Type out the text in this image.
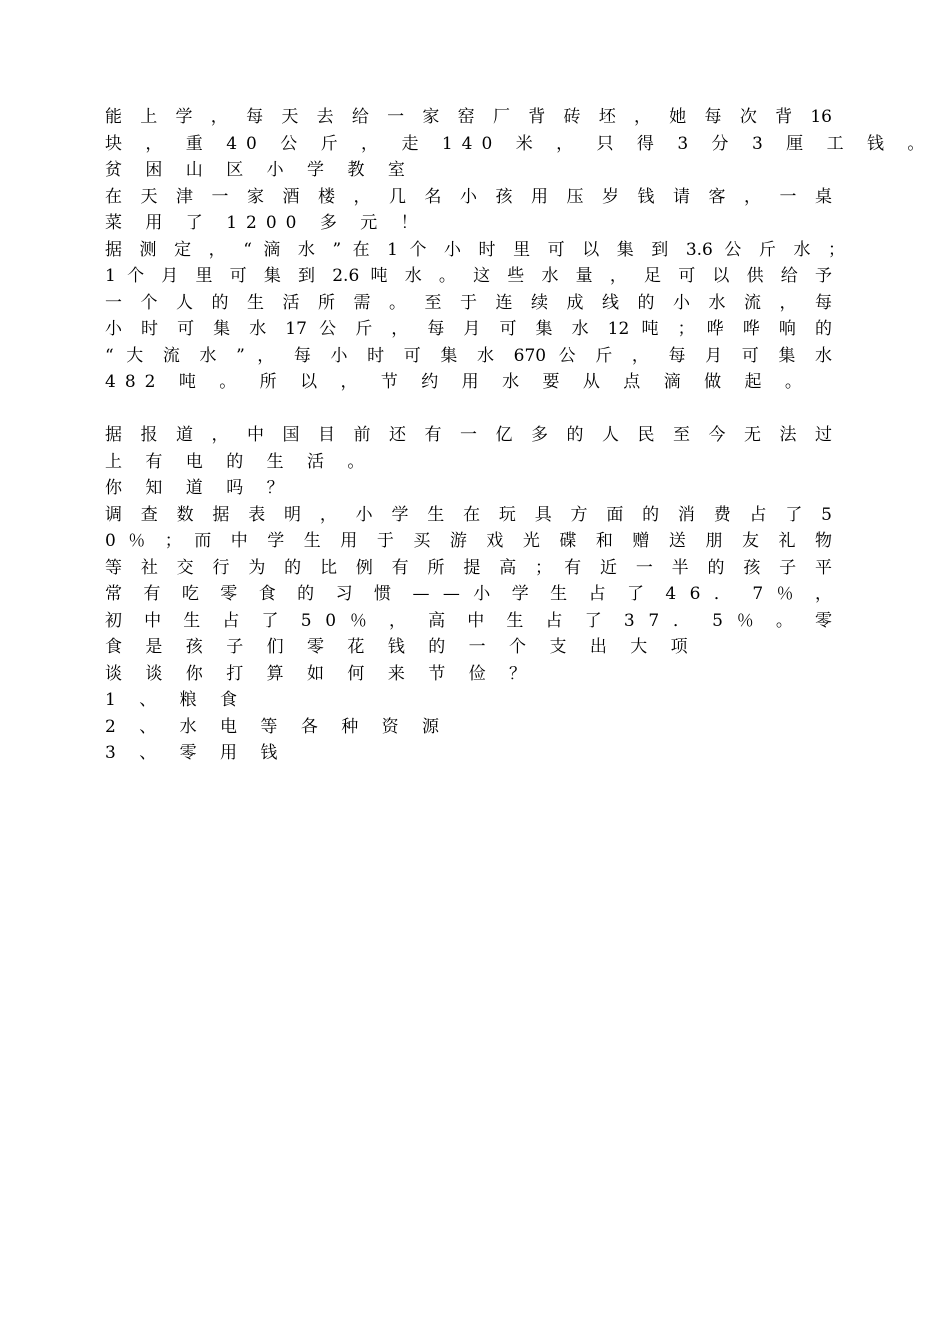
能 上 学 ， 每 天 去 给 一 家 窑 厂 背 砖 坯 ， 她 每 次 背 16
块 ， 重 40 公 斤 ， 走 140 米 ， 只 得 3 分 3 厘 工 钱 。
贫 困 山 区 小 学 教 室
在 天 津 一 家 酒 楼 ， 几 名 小 孩 用 压 岁 钱 请 客 ， 一 桌
菜 用 了 1200 多 元 ！
据 测 定 ， “ 滴 水 ” 在 1 个 小 时 里 可 以 集 到 3.6 公 斤 水 ；
1 个 月 里 可 集 到 2.6 吨 水 。 这 些 水 量 ， 足 可 以 供 给 予
一 个 人 的 生 活 所 需 。 至 于 连 续 成 线 的 小 水 流 ， 每
小 时 可 集 水 17 公 斤 ， 每 月 可 集 水 12 吨 ； 哗 哗 响 的
“ 大 流 水 ” ， 每 小 时 可 集 水 670 公 斤 ， 每 月 可 集 水
482 吨 。 所 以 ， 节 约 用 水 要 从 点 滴 做 起 。
据 报 道 ， 中 国 目 前 还 有 一 亿 多 的 人 民 至 今 无 法 过
上 有 电 的 生 活 。
你 知 道 吗 ？
调 查 数 据 表 明 ， 小 学 生 在 玩 具 方 面 的 消 费 占 了 5
0 ％ ； 而 中 学 生 用 于 买 游 戏 光 碟 和 赠 送 朋 友 礼 物
等 社 交 行 为 的 比 例 有 所 提 高 ； 有 近 一 半 的 孩 子 平
常 有 吃 零 食 的 习 惯 — — 小 学 生 占 了 4 6 ． 7 ％ ，
初 中 生 占 了 5 0 ％ ， 高 中 生 占 了 3 7 ． 5 ％ 。 零
食 是 孩 子 们 零 花 钱 的 一 个 支 出 大 项
谈 谈 你 打 算 如 何 来 节 俭 ？
1 、 粮 食
2 、 水 电 等 各 种 资 源
3 、 零 用 钱
